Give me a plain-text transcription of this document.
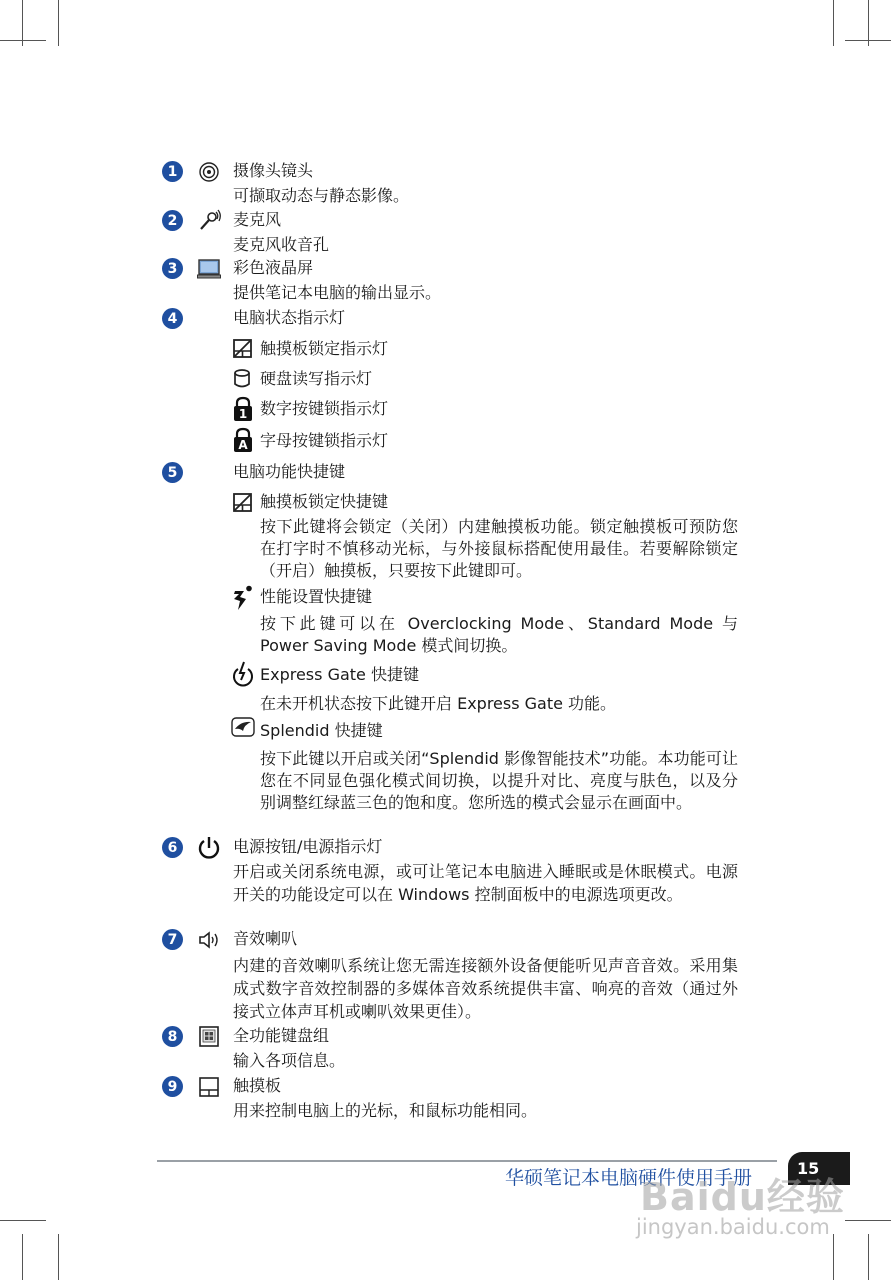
1	摄像头镜头
可撷取动态与静态影像。
2	麦克风
麦克风收音孔
3	彩色液晶屏
提供笔记本电脑的输出显示。
4	电脑状态指示灯
触摸板锁定指示灯
硬盘读写指示灯
1 数字按键锁指示灯
A 字母按键锁指示灯
5	电脑功能快捷键
触摸板锁定快捷键
按下此键将会锁定（关闭）内建触摸板功能。锁定触摸板可预防您在打字时不慎移动光标，与外接鼠标搭配使用最佳。若要解除锁定（开启）触摸板，只要按下此键即可。
性能设置快捷键
按下此键可以在 Overclocking Mode、Standard Mode 与 Power Saving Mode 模式间切换。
Express Gate 快捷键
在未开机状态按下此键开启 Express Gate 功能。
Splendid 快捷键
按下此键以开启或关闭“Splendid 影像智能技术”功能。本功能可让您在不同显色强化模式间切换，以提升对比、亮度与肤色，以及分别调整红绿蓝三色的饱和度。您所选的模式会显示在画面中。
6	电源按钮/电源指示灯
开启或关闭系统电源，或可让笔记本电脑进入睡眠或是休眠模式。电源开关的功能设定可以在 Windows 控制面板中的电源选项更改。
7	音效喇叭
内建的音效喇叭系统让您无需连接额外设备便能听见声音音效。采用集成式数字音效控制器的多媒体音效系统提供丰富、响亮的音效（通过外接式立体声耳机或喇叭效果更佳）。
8	全功能键盘组
输入各项信息。
9	触摸板
用来控制电脑上的光标，和鼠标功能相同。
华硕笔记本电脑硬件使用手册	15
Baidu经验
jingyan.baidu.com
